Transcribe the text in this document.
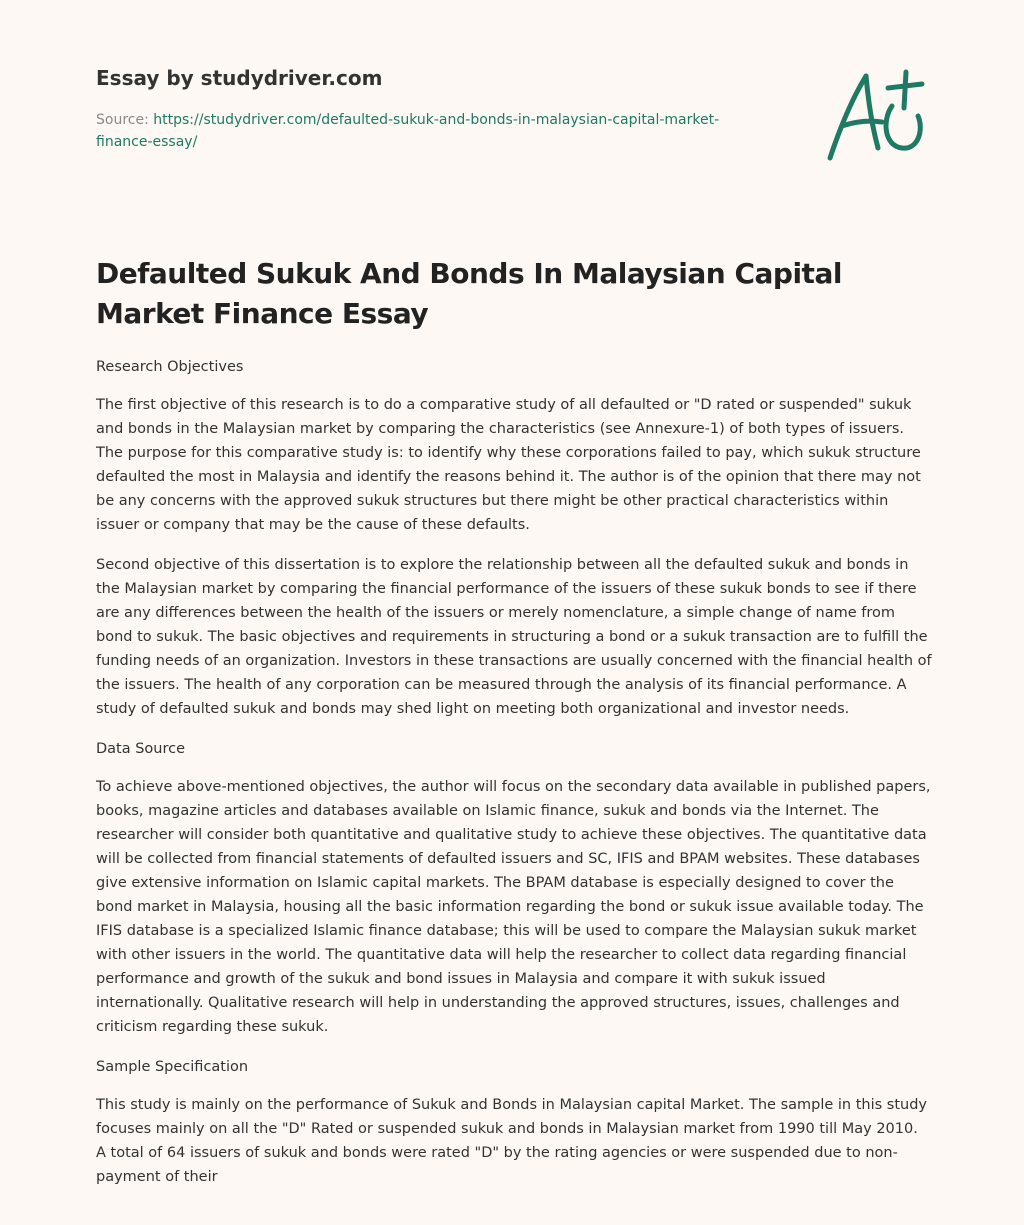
Essay by studydriver.com
Source: https://studydriver.com/defaulted-sukuk-and-bonds-in-malaysian-capital-market-finance-essay/
Defaulted Sukuk And Bonds In Malaysian Capital Market Finance Essay
Research Objectives

The first objective of this research is to do a comparative study of all defaulted or "D rated or suspended" sukuk and bonds in the Malaysian market by comparing the characteristics (see Annexure-1) of both types of issuers. The purpose for this comparative study is: to identify why these corporations failed to pay, which sukuk structure defaulted the most in Malaysia and identify the reasons behind it. The author is of the opinion that there may not be any concerns with the approved sukuk structures but there might be other practical characteristics within issuer or company that may be the cause of these defaults.

Second objective of this dissertation is to explore the relationship between all the defaulted sukuk and bonds in the Malaysian market by comparing the financial performance of the issuers of these sukuk bonds to see if there are any differences between the health of the issuers or merely nomenclature, a simple change of name from bond to sukuk. The basic objectives and requirements in structuring a bond or a sukuk transaction are to fulfill the funding needs of an organization. Investors in these transactions are usually concerned with the financial health of the issuers. The health of any corporation can be measured through the analysis of its financial performance. A study of defaulted sukuk and bonds may shed light on meeting both organizational and investor needs.

Data Source

To achieve above-mentioned objectives, the author will focus on the secondary data available in published papers, books, magazine articles and databases available on Islamic finance, sukuk and bonds via the Internet. The researcher will consider both quantitative and qualitative study to achieve these objectives. The quantitative data will be collected from financial statements of defaulted issuers and SC, IFIS and BPAM websites. These databases give extensive information on Islamic capital markets. The BPAM database is especially designed to cover the bond market in Malaysia, housing all the basic information regarding the bond or sukuk issue available today. The IFIS database is a specialized Islamic finance database; this will be used to compare the Malaysian sukuk market with other issuers in the world. The quantitative data will help the researcher to collect data regarding financial performance and growth of the sukuk and bond issues in Malaysia and compare it with sukuk issued internationally. Qualitative research will help in understanding the approved structures, issues, challenges and criticism regarding these sukuk.

Sample Specification

This study is mainly on the performance of Sukuk and Bonds in Malaysian capital Market. The sample in this study focuses mainly on all the "D" Rated or suspended sukuk and bonds in Malaysian market from 1990 till May 2010. A total of 64 issuers of sukuk and bonds were rated "D" by the rating agencies or were suspended due to non-payment of their
